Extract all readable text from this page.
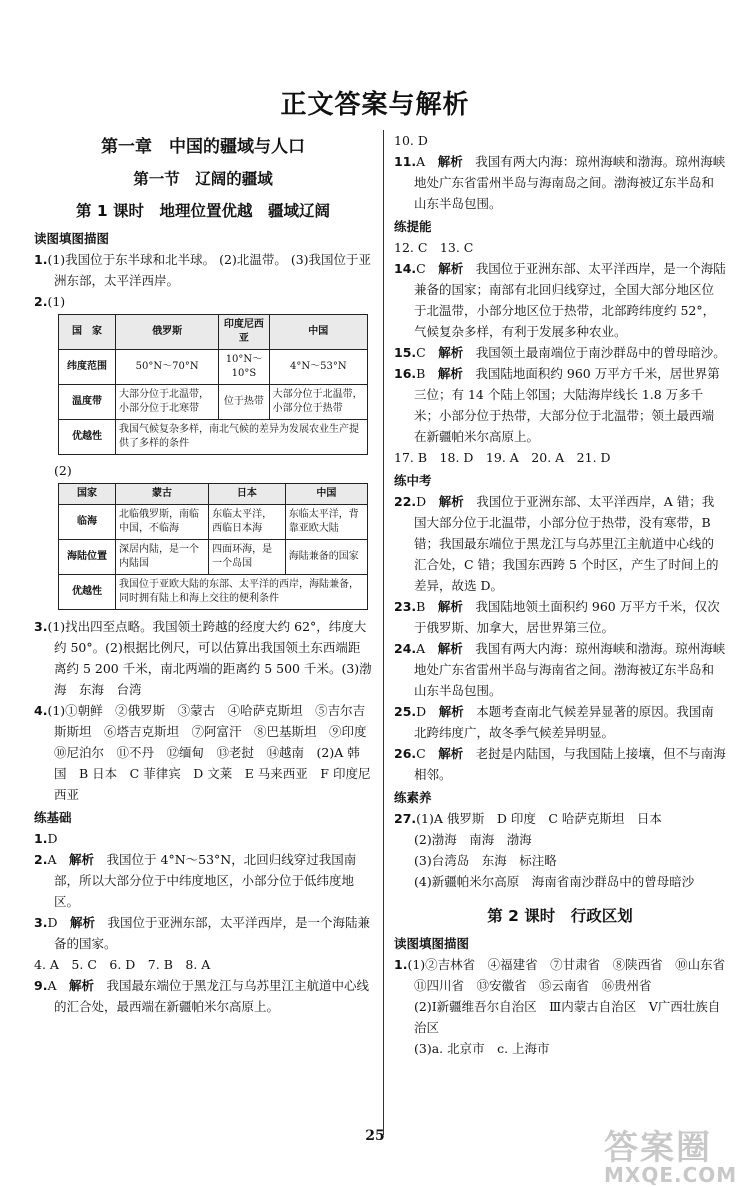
正文答案与解析
第一章　中国的疆域与人口
第一节　辽阔的疆域
第 1 课时　地理位置优越　疆域辽阔
读图填图描图

1.(1)我国位于东半球和北半球。 (2)北温带。 (3)我国位于亚洲东部，太平洋西岸。

2.(1)

国　家	俄罗斯	印度尼西亚	中国
纬度范围	50°N～70°N	10°N～10°S	4°N～53°N
温度带	大部分位于北温带，小部分位于北寒带	位于热带	大部分位于北温带，小部分位于热带
优越性	我国气候复杂多样，南北气候的差异为发展农业生产提供了多样的条件		
(2)
国家	蒙古	日本	中国
临海	北临俄罗斯，南临中国，不临海	东临太平洋，西临日本海	东临太平洋，背靠亚欧大陆
海陆位置	深居内陆，是一个内陆国	四面环海，是一个岛国	海陆兼备的国家
优越性	我国位于亚欧大陆的东部、太平洋的西岸，海陆兼备，同时拥有陆上和海上交往的便利条件		

3.(1)找出四至点略。我国领土跨越的经度大约 62°，纬度大约 50°。(2)根据比例尺，可以估算出我国领土东西端距离约 5 200 千米，南北两端的距离约 5 500 千米。(3)渤海　东海　台湾

4.(1)①朝鲜　②俄罗斯　③蒙古　④哈萨克斯坦　⑤吉尔吉斯斯坦　⑥塔吉克斯坦　⑦阿富汗　⑧巴基斯坦　⑨印度　⑩尼泊尔　⑪不丹　⑫缅甸　⑬老挝　⑭越南　(2)A 韩国　B 日本　C 菲律宾　D 文莱　E 马来西亚　F 印度尼西亚

练基础

1.D

2.A　 解析　 我国位于 4°N～53°N，北回归线穿过我国南部，所以大部分位于中纬度地区，小部分位于低纬度地区。

3.D　 解析　 我国位于亚洲东部，太平洋西岸，是一个海陆兼备的国家。

4. A　5. C　6. D　7. B　8. A

9.A　 解析　 我国最东端位于黑龙江与乌苏里江主航道中心线的汇合处，最西端在新疆帕米尔高原上。

10. D

11.A　 解析　 我国有两大内海：琼州海峡和渤海。琼州海峡地处广东省雷州半岛与海南岛之间。渤海被辽东半岛和山东半岛包围。

练提能

12. C　13. C

14.C　 解析　 我国位于亚洲东部、太平洋西岸，是一个海陆兼备的国家；南部有北回归线穿过，全国大部分地区位于北温带，小部分地区位于热带，北部跨纬度约 52°，气候复杂多样，有利于发展多种农业。

15.C　 解析　 我国领土最南端位于南沙群岛中的曾母暗沙。

16.B　 解析　 我国陆地面积约 960 万平方千米，居世界第三位；有 14 个陆上邻国；大陆海岸线长 1.8 万多千米；小部分位于热带，大部分位于北温带；领土最西端在新疆帕米尔高原上。

17. B　18. D　19. A　20. A　21. D

练中考

22.D　 解析　 我国位于亚洲东部、太平洋西岸，A 错；我国大部分位于北温带，小部分位于热带，没有寒带，B 错；我国最东端位于黑龙江与乌苏里江主航道中心线的汇合处，C 错；我国东西跨 5 个时区，产生了时间上的差异，故选 D。

23.B　 解析　 我国陆地领土面积约 960 万平方千米，仅次于俄罗斯、加拿大，居世界第三位。

24.A　 解析　 我国有两大内海：琼州海峡和渤海。琼州海峡地处广东省雷州半岛与海南省之间。渤海被辽东半岛和山东半岛包围。

25.D　 解析　 本题考查南北气候差异显著的原因。我国南北跨纬度广，故冬季气候差异明显。

26.C　 解析　 老挝是内陆国，与我国陆上接壤，但不与南海相邻。

练素养

27.(1)A 俄罗斯　D 印度　C 哈萨克斯坦　日本
(2)渤海　南海　渤海
(3)台湾岛　东海　标注略
(4)新疆帕米尔高原　海南省南沙群岛中的曾母暗沙

第 2 课时　行政区划
读图填图描图

1.(1)②吉林省　④福建省　⑦甘肃省　⑧陕西省　⑩山东省　⑪四川省　⑬安徽省　⑮云南省　⑯贵州省
(2)Ⅰ新疆维吾尔自治区　Ⅲ内蒙古自治区　Ⅴ广西壮族自治区
(3)a. 北京市　c. 上海市

25	答案圈
MXQE.COM
